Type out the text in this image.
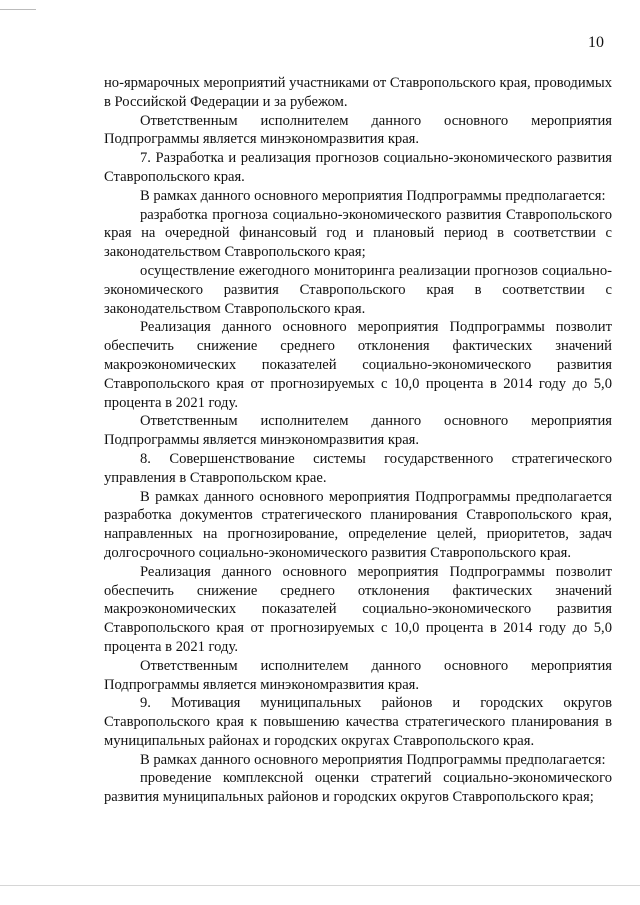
10

но-ярмарочных мероприятий участниками от Ставропольского края, проводимых в Российской Федерации и за рубежом.

Ответственным исполнителем данного основного мероприятия Подпрограммы является минэкономразвития края.

7. Разработка и реализация прогнозов социально-экономического развития Ставропольского края.

В рамках данного основного мероприятия Подпрограммы предполагается:

разработка прогноза социально-экономического развития Ставропольского края на очередной финансовый год и плановый период в соответствии с законодательством Ставропольского края;

осуществление ежегодного мониторинга реализации прогнозов социально-экономического развития Ставропольского края в соответствии с законодательством Ставропольского края.

Реализация данного основного мероприятия Подпрограммы позволит обеспечить снижение среднего отклонения фактических значений макроэкономических показателей социально-экономического развития Ставропольского края от прогнозируемых с 10,0 процента в 2014 году до 5,0 процента в 2021 году.

Ответственным исполнителем данного основного мероприятия Подпрограммы является минэкономразвития края.

8. Совершенствование системы государственного стратегического управления в Ставропольском крае.

В рамках данного основного мероприятия Подпрограммы предполагается разработка документов стратегического планирования Ставропольского края, направленных на прогнозирование, определение целей, приоритетов, задач долгосрочного социально-экономического развития Ставропольского края.

Реализация данного основного мероприятия Подпрограммы позволит обеспечить снижение среднего отклонения фактических значений макроэкономических показателей социально-экономического развития Ставропольского края от прогнозируемых с 10,0 процента в 2014 году до 5,0 процента в 2021 году.

Ответственным исполнителем данного основного мероприятия Подпрограммы является минэкономразвития края.

9. Мотивация муниципальных районов и городских округов Ставропольского края к повышению качества стратегического планирования в муниципальных районах и городских округах Ставропольского края.

В рамках данного основного мероприятия Подпрограммы предполагается:

проведение комплексной оценки стратегий социально-экономического развития муниципальных районов и городских округов Ставропольского края;
